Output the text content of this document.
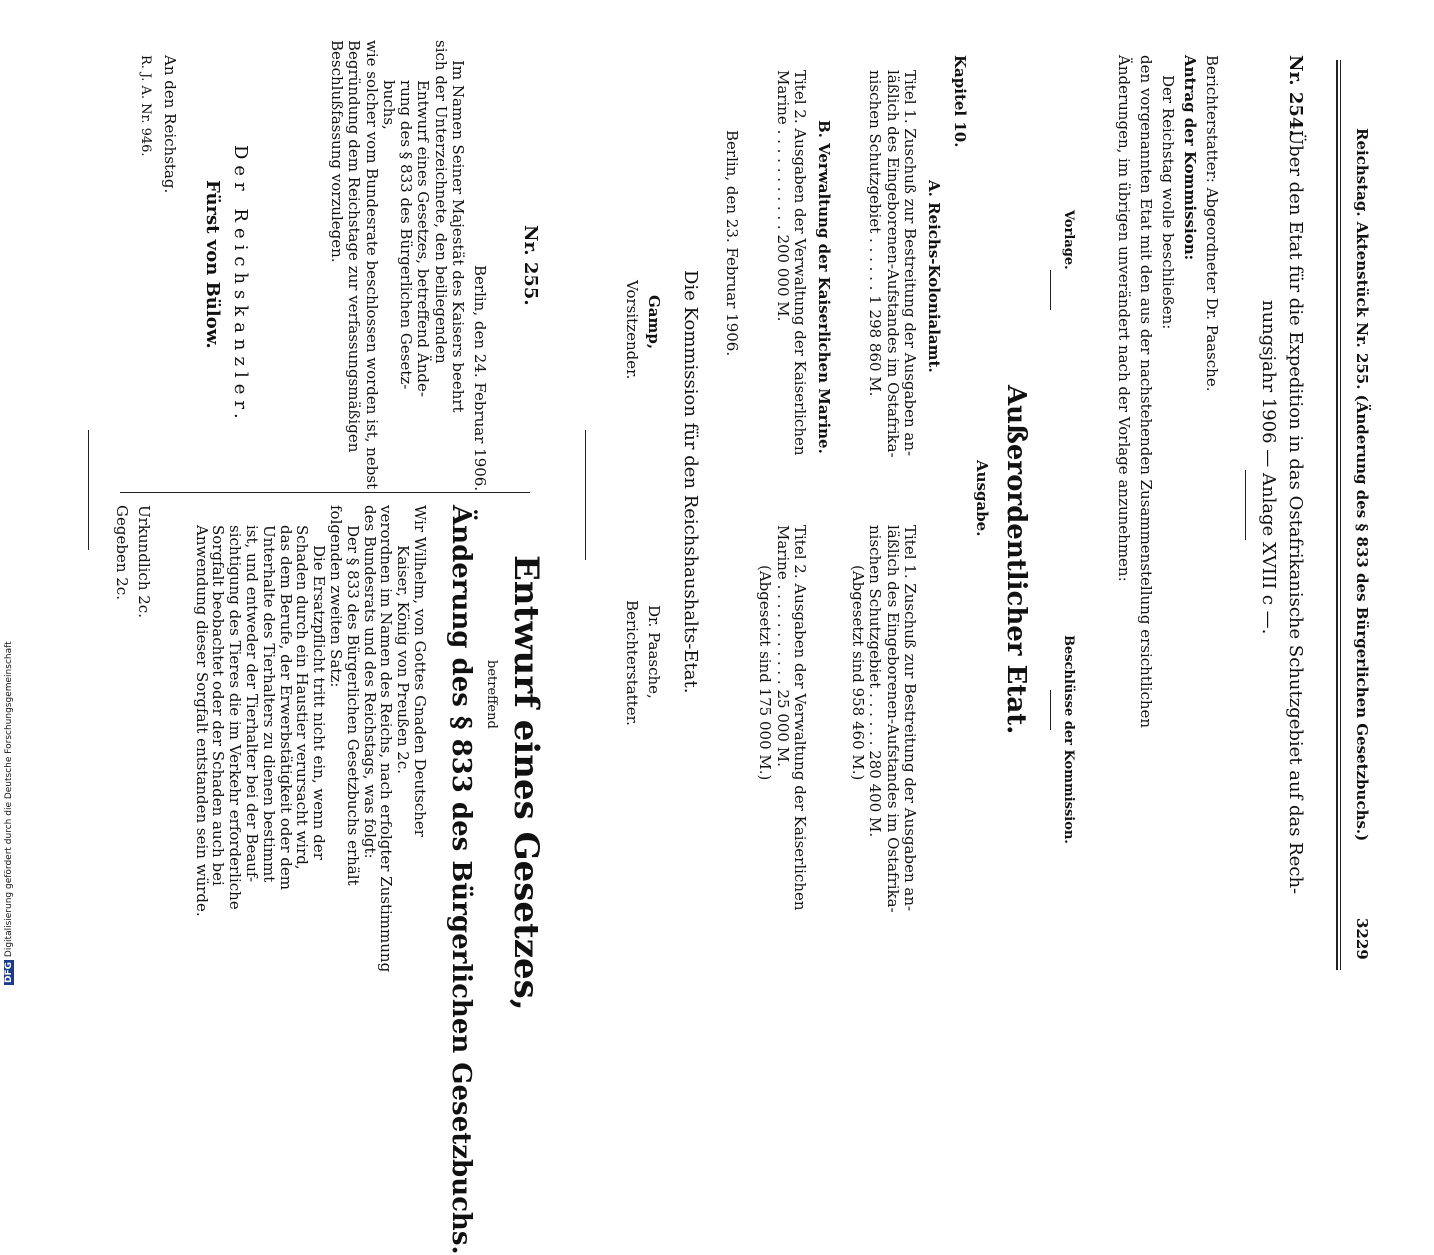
Reichstag. Aktenstück Nr. 255. (Änderung des § 833 des Bürgerlichen Gesetzbuchs.)
3229
Nr. 254.
Über den Etat für die Expedition in das Ostafrikanische Schutzgebiet auf das Rech-
nungsjahr 1906 — Anlage XVIII c —.
Berichterstatter: Abgeordneter Dr. Paasche.
Antrag der Kommission:
Der Reichstag wolle beschließen:
den vorgenannten Etat mit den aus der nachstehenden Zusammenstellung ersichtlichen
Änderungen, im übrigen unverändert nach der Vorlage anzunehmen:
Vorlage.
Beschlüsse der Kommission.
Außerordentlicher Etat.
Ausgabe.
Kapitel 10.
A. Reichs-Kolonialamt.
Titel 1. Zuschuß zur Bestreitung der Ausgaben an-
läßlich des Eingeborenen-Aufstandes im Ostafrika-
nischen Schutzgebiet . . . . . . 1 298 860 M.
B. Verwaltung der Kaiserlichen Marine.
Titel 2. Ausgaben der Verwaltung der Kaiserlichen
Marine . . . . . . . . . . . 200 000 M.
Titel 1. Zuschuß zur Bestreitung der Ausgaben an-
läßlich des Eingeborenen-Aufstandes im Ostafrika-
nischen Schutzgebiet . . . . . . 280 400 M.
(Abgesetzt sind 958 460 M.)
Titel 2. Ausgaben der Verwaltung der Kaiserlichen
Marine . . . . . . . . . . . 25 000 M.
(Abgesetzt sind 175 000 M.)
Berlin, den 23. Februar 1906.
Die Kommission für den Reichshaushalts-Etat.
Gamp,
Vorsitzender.
Dr. Paasche,
Berichterstatter.
Nr. 255.
Berlin, den 24. Februar 1906.
Im Namen Seiner Majestät des Kaisers beehrt
sich der Unterzeichnete, den beiliegenden
Entwurf eines Gesetzes, betreffend Ände-
rung des § 833 des Bürgerlichen Gesetz-
buchs,
wie solcher vom Bundesrate beschlossen worden ist, nebst
Begründung dem Reichstage zur verfassungsmäßigen
Beschlußfassung vorzulegen.
Der Reichskanzler.
Fürst von Bülow.
An den Reichstag.
R. J. A. Nr. 946.
Entwurf eines Gesetzes,
betreffend
Änderung des § 833 des Bürgerlichen Gesetzbuchs.
Wir Wilhelm, von Gottes Gnaden Deutscher
Kaiser, König von Preußen 2c.
verordnen im Namen des Reichs, nach erfolgter Zustimmung
des Bundesrats und des Reichstags, was folgt:
Der § 833 des Bürgerlichen Gesetzbuchs erhält
folgenden zweiten Satz:
Die Ersatzpflicht tritt nicht ein, wenn der
Schaden durch ein Haustier verursacht wird,
das dem Berufe, der Erwerbstätigkeit oder dem
Unterhalte des Tierhalters zu dienen bestimmt
ist, und entweder der Tierhalter bei der Beauf-
sichtigung des Tieres die im Verkehr erforderliche
Sorgfalt beobachtet oder der Schaden auch bei
Anwendung dieser Sorgfalt entstanden sein würde.
Urkundlich 2c.
Gegeben 2c.
DFG Digitalisierung gefördert durch die Deutsche Forschungsgemeinschaft
